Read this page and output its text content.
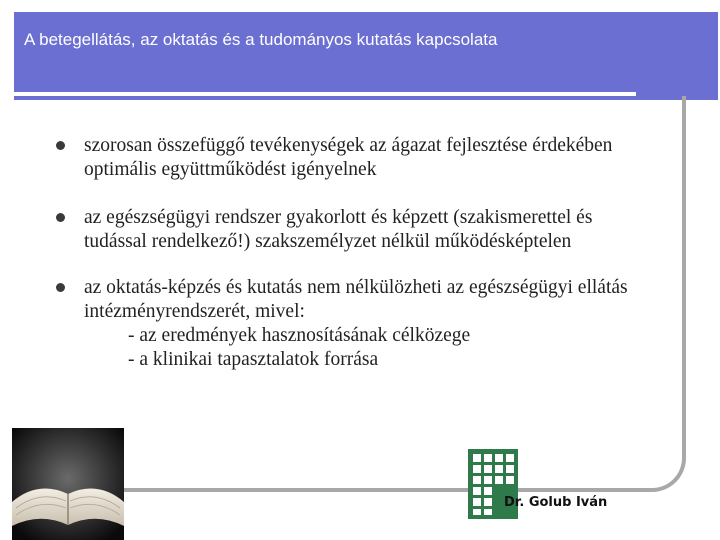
A betegellátás, az oktatás és a tudományos kutatás kapcsolata
szorosan összefüggő tevékenységek az ágazat fejlesztése érdekében optimális együttműködést igényelnek
az egészségügyi rendszer gyakorlott és képzett (szakismerettel és tudással rendelkező!) szakszemélyzet nélkül működésképtelen
az oktatás-képzés és kutatás nem nélkülözheti az egészségügyi ellátás intézményrendszerét, mivel:
- az eredmények hasznosításának célközege
- a klinikai tapasztalatok forrása
Dr. Golub Iván
